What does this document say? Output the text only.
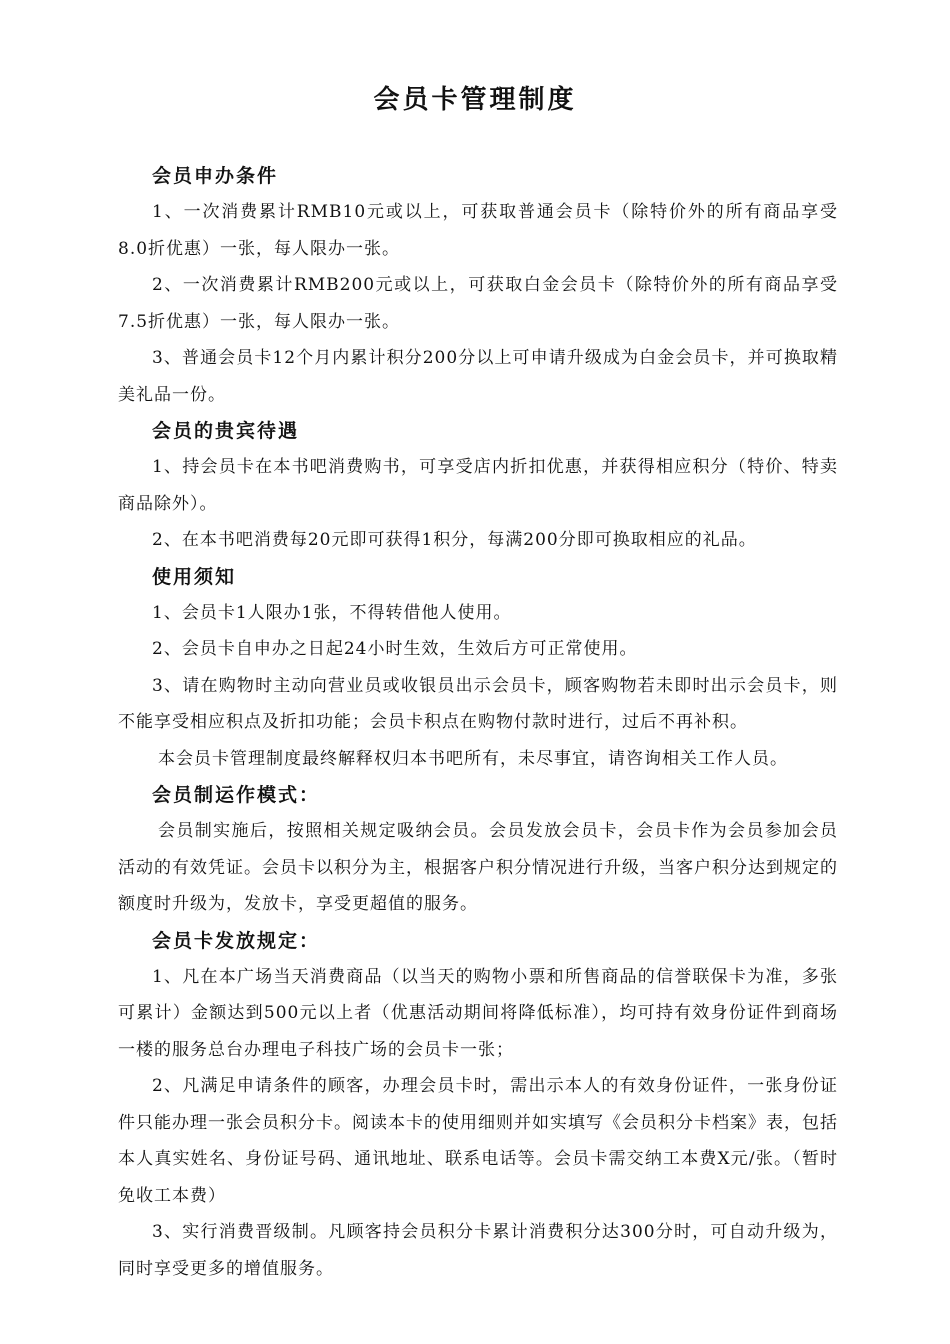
会员卡管理制度
会员申办条件

1、一次消费累计RMB10元或以上，可获取普通会员卡（除特价外的所有商品享受8.0折优惠）一张，每人限办一张。

2、一次消费累计RMB200元或以上，可获取白金会员卡（除特价外的所有商品享受7.5折优惠）一张，每人限办一张。

3、普通会员卡12个月内累计积分200分以上可申请升级成为白金会员卡，并可换取精美礼品一份。

会员的贵宾待遇

1、持会员卡在本书吧消费购书，可享受店内折扣优惠，并获得相应积分（特价、特卖商品除外）。

2、在本书吧消费每20元即可获得1积分，每满200分即可换取相应的礼品。

使用须知

1、会员卡1人限办1张，不得转借他人使用。

2、会员卡自申办之日起24小时生效，生效后方可正常使用。

3、请在购物时主动向营业员或收银员出示会员卡，顾客购物若未即时出示会员卡，则不能享受相应积点及折扣功能；会员卡积点在购物付款时进行，过后不再补积。

本会员卡管理制度最终解释权归本书吧所有，未尽事宜，请咨询相关工作人员。

会员制运作模式：

会员制实施后，按照相关规定吸纳会员。会员发放会员卡，会员卡作为会员参加会员活动的有效凭证。会员卡以积分为主，根据客户积分情况进行升级，当客户积分达到规定的额度时升级为，发放卡，享受更超值的服务。

会员卡发放规定：

1、凡在本广场当天消费商品（以当天的购物小票和所售商品的信誉联保卡为准，多张可累计）金额达到500元以上者（优惠活动期间将降低标准），均可持有效身份证件到商场一楼的服务总台办理电子科技广场的会员卡一张；

2、凡满足申请条件的顾客，办理会员卡时，需出示本人的有效身份证件，一张身份证件只能办理一张会员积分卡。阅读本卡的使用细则并如实填写《会员积分卡档案》表，包括本人真实姓名、身份证号码、通讯地址、联系电话等。会员卡需交纳工本费X元/张。（暂时免收工本费）

3、实行消费晋级制。凡顾客持会员积分卡累计消费积分达300分时，可自动升级为，同时享受更多的增值服务。
